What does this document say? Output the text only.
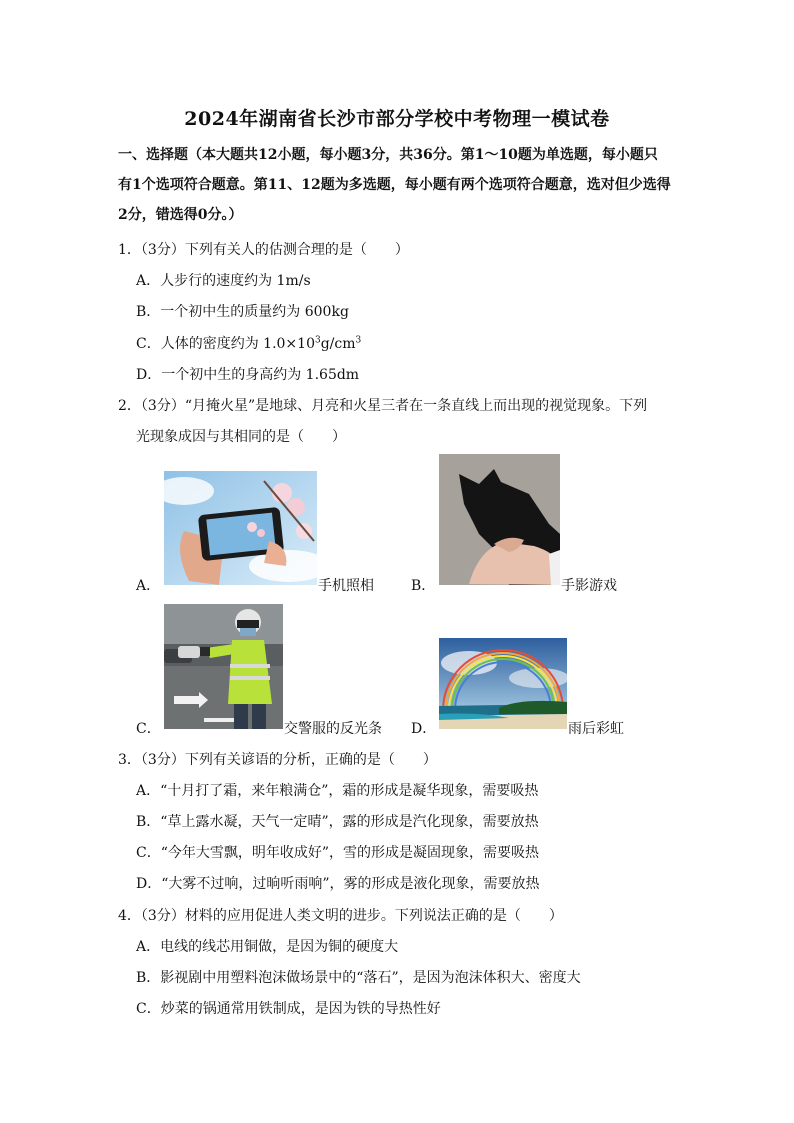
2024年湖南省长沙市部分学校中考物理一模试卷
一、选择题（本大题共12小题，每小题3分，共36分。第1～10题为单选题，每小题只
有1个选项符合题意。第11、12题为多选题，每小题有两个选项符合题意，选对但少选得
2分，错选得0分。）
1．（3分）下列有关人的估测合理的是（　　）
A．人步行的速度约为 1m/s
B．一个初中生的质量约为 600kg
C．人体的密度约为 $1.0\times 10^3g/cm^3$
D．一个初中生的身高约为 1.65dm
2．（3分）“月掩火星”是地球、月亮和火星三者在一条直线上而出现的视觉现象。下列
光现象成因与其相同的是（　　）
A．	手机照相	B．	手影游戏
C．	交警服的反光条 D．	雨后彩虹
3．（3分）下列有关谚语的分析，正确的是（　　）
A．“十月打了霜，来年粮满仓”，霜的形成是凝华现象，需要吸热
B．“草上露水凝，天气一定晴”，露的形成是汽化现象，需要放热
C．“今年大雪飘，明年收成好”，雪的形成是凝固现象，需要吸热
D．“大雾不过响，过晌听雨响”，雾的形成是液化现象，需要放热
4．（3分）材料的应用促进人类文明的进步。下列说法正确的是（　　）
A．电线的线芯用铜做，是因为铜的硬度大
B．影视剧中用塑料泡沫做场景中的“落石”，是因为泡沫体积大、密度大
C．炒菜的锅通常用铁制成，是因为铁的导热性好
